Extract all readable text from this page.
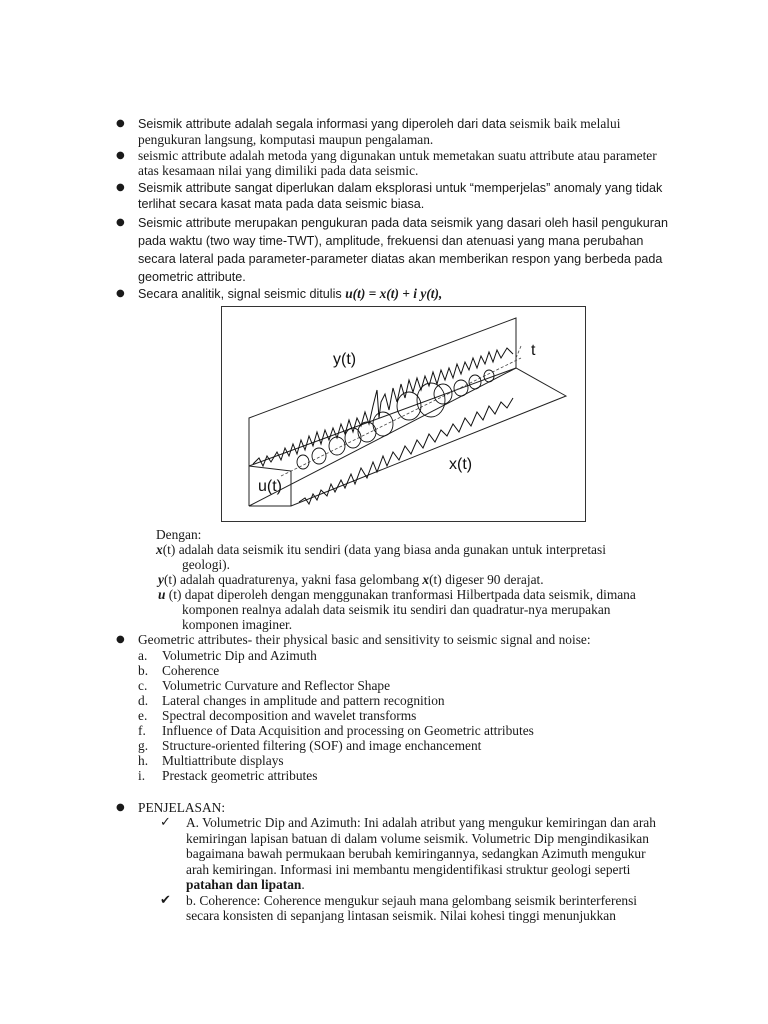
● Seismik attribute adalah segala informasi yang diperoleh dari data seismik baik melalui pengukuran langsung, komputasi maupun pengalaman.
● seismic attribute adalah metoda yang digunakan untuk memetakan suatu attribute atau parameter atas kesamaan nilai yang dimiliki pada data seismic.
● Seismik attribute sangat diperlukan dalam eksplorasi untuk “memperjelas” anomaly yang tidak terlihat secara kasat mata pada data seismic biasa.
● Seismic attribute merupakan pengukuran pada data seismik yang dasari oleh hasil pengukuran pada waktu (two way time-TWT), amplitude, frekuensi dan atenuasi yang mana perubahan secara lateral pada parameter-parameter diatas akan memberikan respon yang berbeda pada geometric attribute.
● Secara analitik, signal seismic ditulis u(t) = x(t) + i y(t),
y(t)
t
x(t)
u(t)
Dengan:
x(t) adalah data seismik itu sendiri (data yang biasa anda gunakan untuk interpretasi
geologi).
y(t) adalah quadraturenya, yakni fasa gelombang x(t) digeser 90 derajat.
u (t) dapat diperoleh dengan menggunakan tranformasi Hilbertpada data seismik, dimana
komponen realnya adalah data seismik itu sendiri dan quadratur-nya merupakan
komponen imaginer.
● Geometric attributes- their physical basic and sensitivity to seismic signal and noise:
a.	Volumetric Dip and Azimuth
b.	Coherence
c.	Volumetric Curvature and Reflector Shape
d.	Lateral changes in amplitude and pattern recognition
e.	Spectral decomposition and wavelet transforms
f.	Influence of Data Acquisition and processing on Geometric attributes
g.	Structure-oriented filtering (SOF) and image enchancement
h.	Multiattribute displays
i.	Prestack geometric attributes
● PENJELASAN:
✓	A. Volumetric Dip and Azimuth: Ini adalah atribut yang mengukur kemiringan dan arah kemiringan lapisan batuan di dalam volume seismik. Volumetric Dip mengindikasikan bagaimana bawah permukaan berubah kemiringannya, sedangkan Azimuth mengukur arah kemiringan. Informasi ini membantu mengidentifikasi struktur geologi seperti patahan dan lipatan.
✔	b. Coherence: Coherence mengukur sejauh mana gelombang seismik berinterferensi secara konsisten di sepanjang lintasan seismik. Nilai kohesi tinggi menunjukkan
